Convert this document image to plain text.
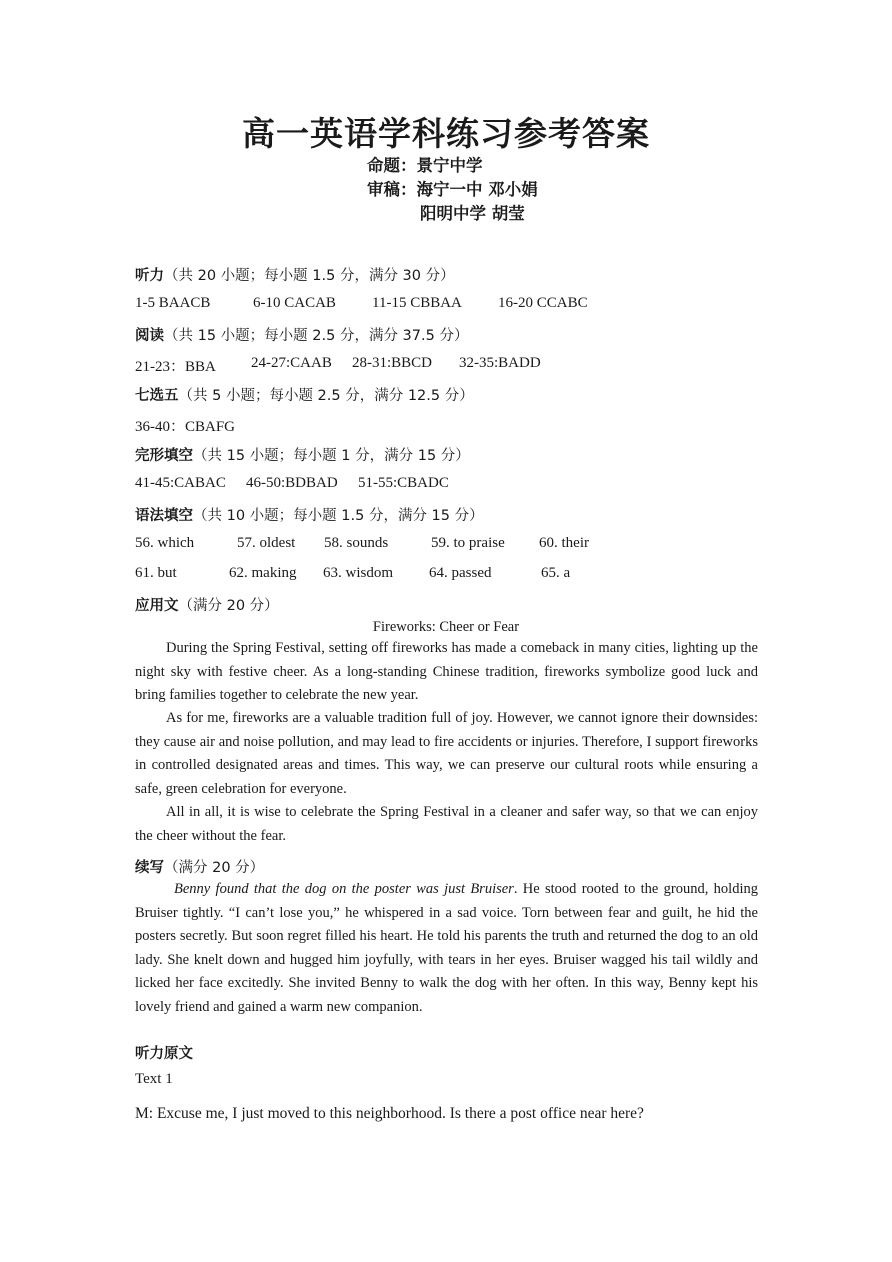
高一英语学科练习参考答案
命题：景宁中学
审稿：海宁一中 邓小娟
阳明中学 胡莹
听力（共 20 小题；每小题 1.5 分，满分 30 分）
1-5 BAACB	6-10 CACAB 11-15 CBBAA 16-20 CCABC
阅读（共 15 小题；每小题 2.5 分，满分 37.5 分）
21-23：BBA 24-27:CAAB 28-31:BBCD 32-35:BADD
七选五（共 5 小题；每小题 2.5 分，满分 12.5 分）
36-40：CBAFG
完形填空（共 15 小题；每小题 1 分，满分 15 分）
41-45:CABAC 46-50:BDBAD 51-55:CBADC
语法填空（共 10 小题；每小题 1.5 分，满分 15 分）
56. which	57. oldest 58. sounds	59. to praise 60. their
61. but	62. making 63. wisdom 64. passed	65. a
应用文（满分 20 分）
Fireworks: Cheer or Fear
During the Spring Festival, setting off fireworks has made a comeback in many cities, lighting up the night sky with festive cheer. As a long-standing Chinese tradition, fireworks symbolize good luck and bring families together to celebrate the new year.
As for me, fireworks are a valuable tradition full of joy. However, we cannot ignore their downsides: they cause air and noise pollution, and may lead to fire accidents or injuries. Therefore, I support fireworks in controlled designated areas and times. This way, we can preserve our cultural roots while ensuring a safe, green celebration for everyone.
All in all, it is wise to celebrate the Spring Festival in a cleaner and safer way, so that we can enjoy the cheer without the fear.
续写（满分 20 分）
Benny found that the dog on the poster was just Bruiser. He stood rooted to the ground, holding Bruiser tightly. “I can’t lose you,” he whispered in a sad voice. Torn between fear and guilt, he hid the posters secretly. But soon regret filled his heart. He told his parents the truth and returned the dog to an old lady. She knelt down and hugged him joyfully, with tears in her eyes. Bruiser wagged his tail wildly and licked her face excitedly. She invited Benny to walk the dog with her often. In this way, Benny kept his lovely friend and gained a warm new companion.
听力原文
Text 1
M: Excuse me, I just moved to this neighborhood. Is there a post office near here?
